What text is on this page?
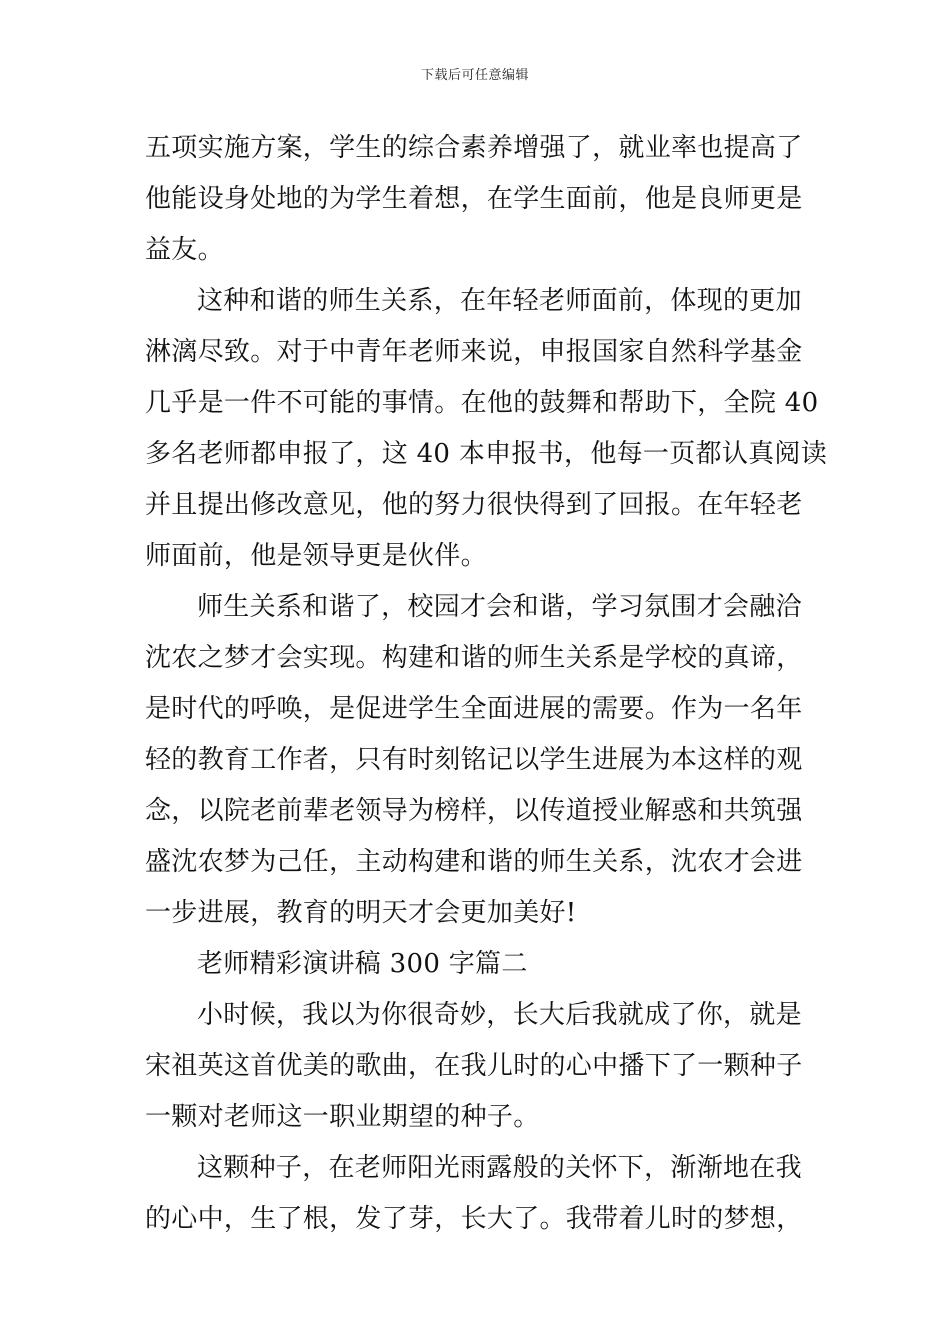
下载后可任意编辑
五项实施方案，学生的综合素养增强了，就业率也提高了
他能设身处地的为学生着想，在学生面前，他是良师更是
益友。
这种和谐的师生关系，在年轻老师面前，体现的更加
淋漓尽致。对于中青年老师来说，申报国家自然科学基金
几乎是一件不可能的事情。在他的鼓舞和帮助下，全院 40
多名老师都申报了，这 40 本申报书，他每一页都认真阅读
并且提出修改意见，他的努力很快得到了回报。在年轻老
师面前，他是领导更是伙伴。
师生关系和谐了，校园才会和谐，学习氛围才会融洽
沈农之梦才会实现。构建和谐的师生关系是学校的真谛，
是时代的呼唤，是促进学生全面进展的需要。作为一名年
轻的教育工作者，只有时刻铭记以学生进展为本这样的观
念，以院老前辈老领导为榜样，以传道授业解惑和共筑强
盛沈农梦为己任，主动构建和谐的师生关系，沈农才会进
一步进展，教育的明天才会更加美好!
老师精彩演讲稿 300 字篇二
小时候，我以为你很奇妙，长大后我就成了你，就是
宋祖英这首优美的歌曲，在我儿时的心中播下了一颗种子
一颗对老师这一职业期望的种子。
这颗种子，在老师阳光雨露般的关怀下，渐渐地在我
的心中，生了根，发了芽，长大了。我带着儿时的梦想，
